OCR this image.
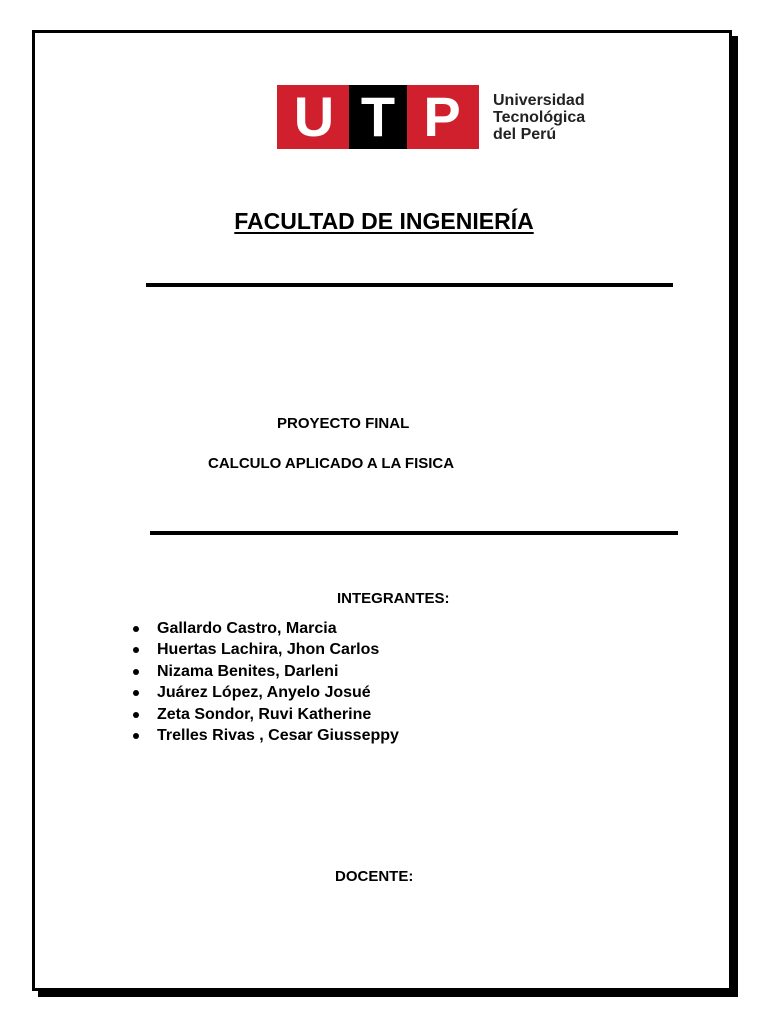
U T P	Universidad
Tecnológica
del Perú
FACULTAD DE INGENIERÍA
PROYECTO FINAL
CALCULO APLICADO A LA FISICA
INTEGRANTES:
Gallardo Castro, Marcia
Huertas Lachira, Jhon Carlos
Nizama Benites, Darleni
Juárez López, Anyelo Josué
Zeta Sondor, Ruvi Katherine
Trelles Rivas , Cesar Giusseppy
DOCENTE:
